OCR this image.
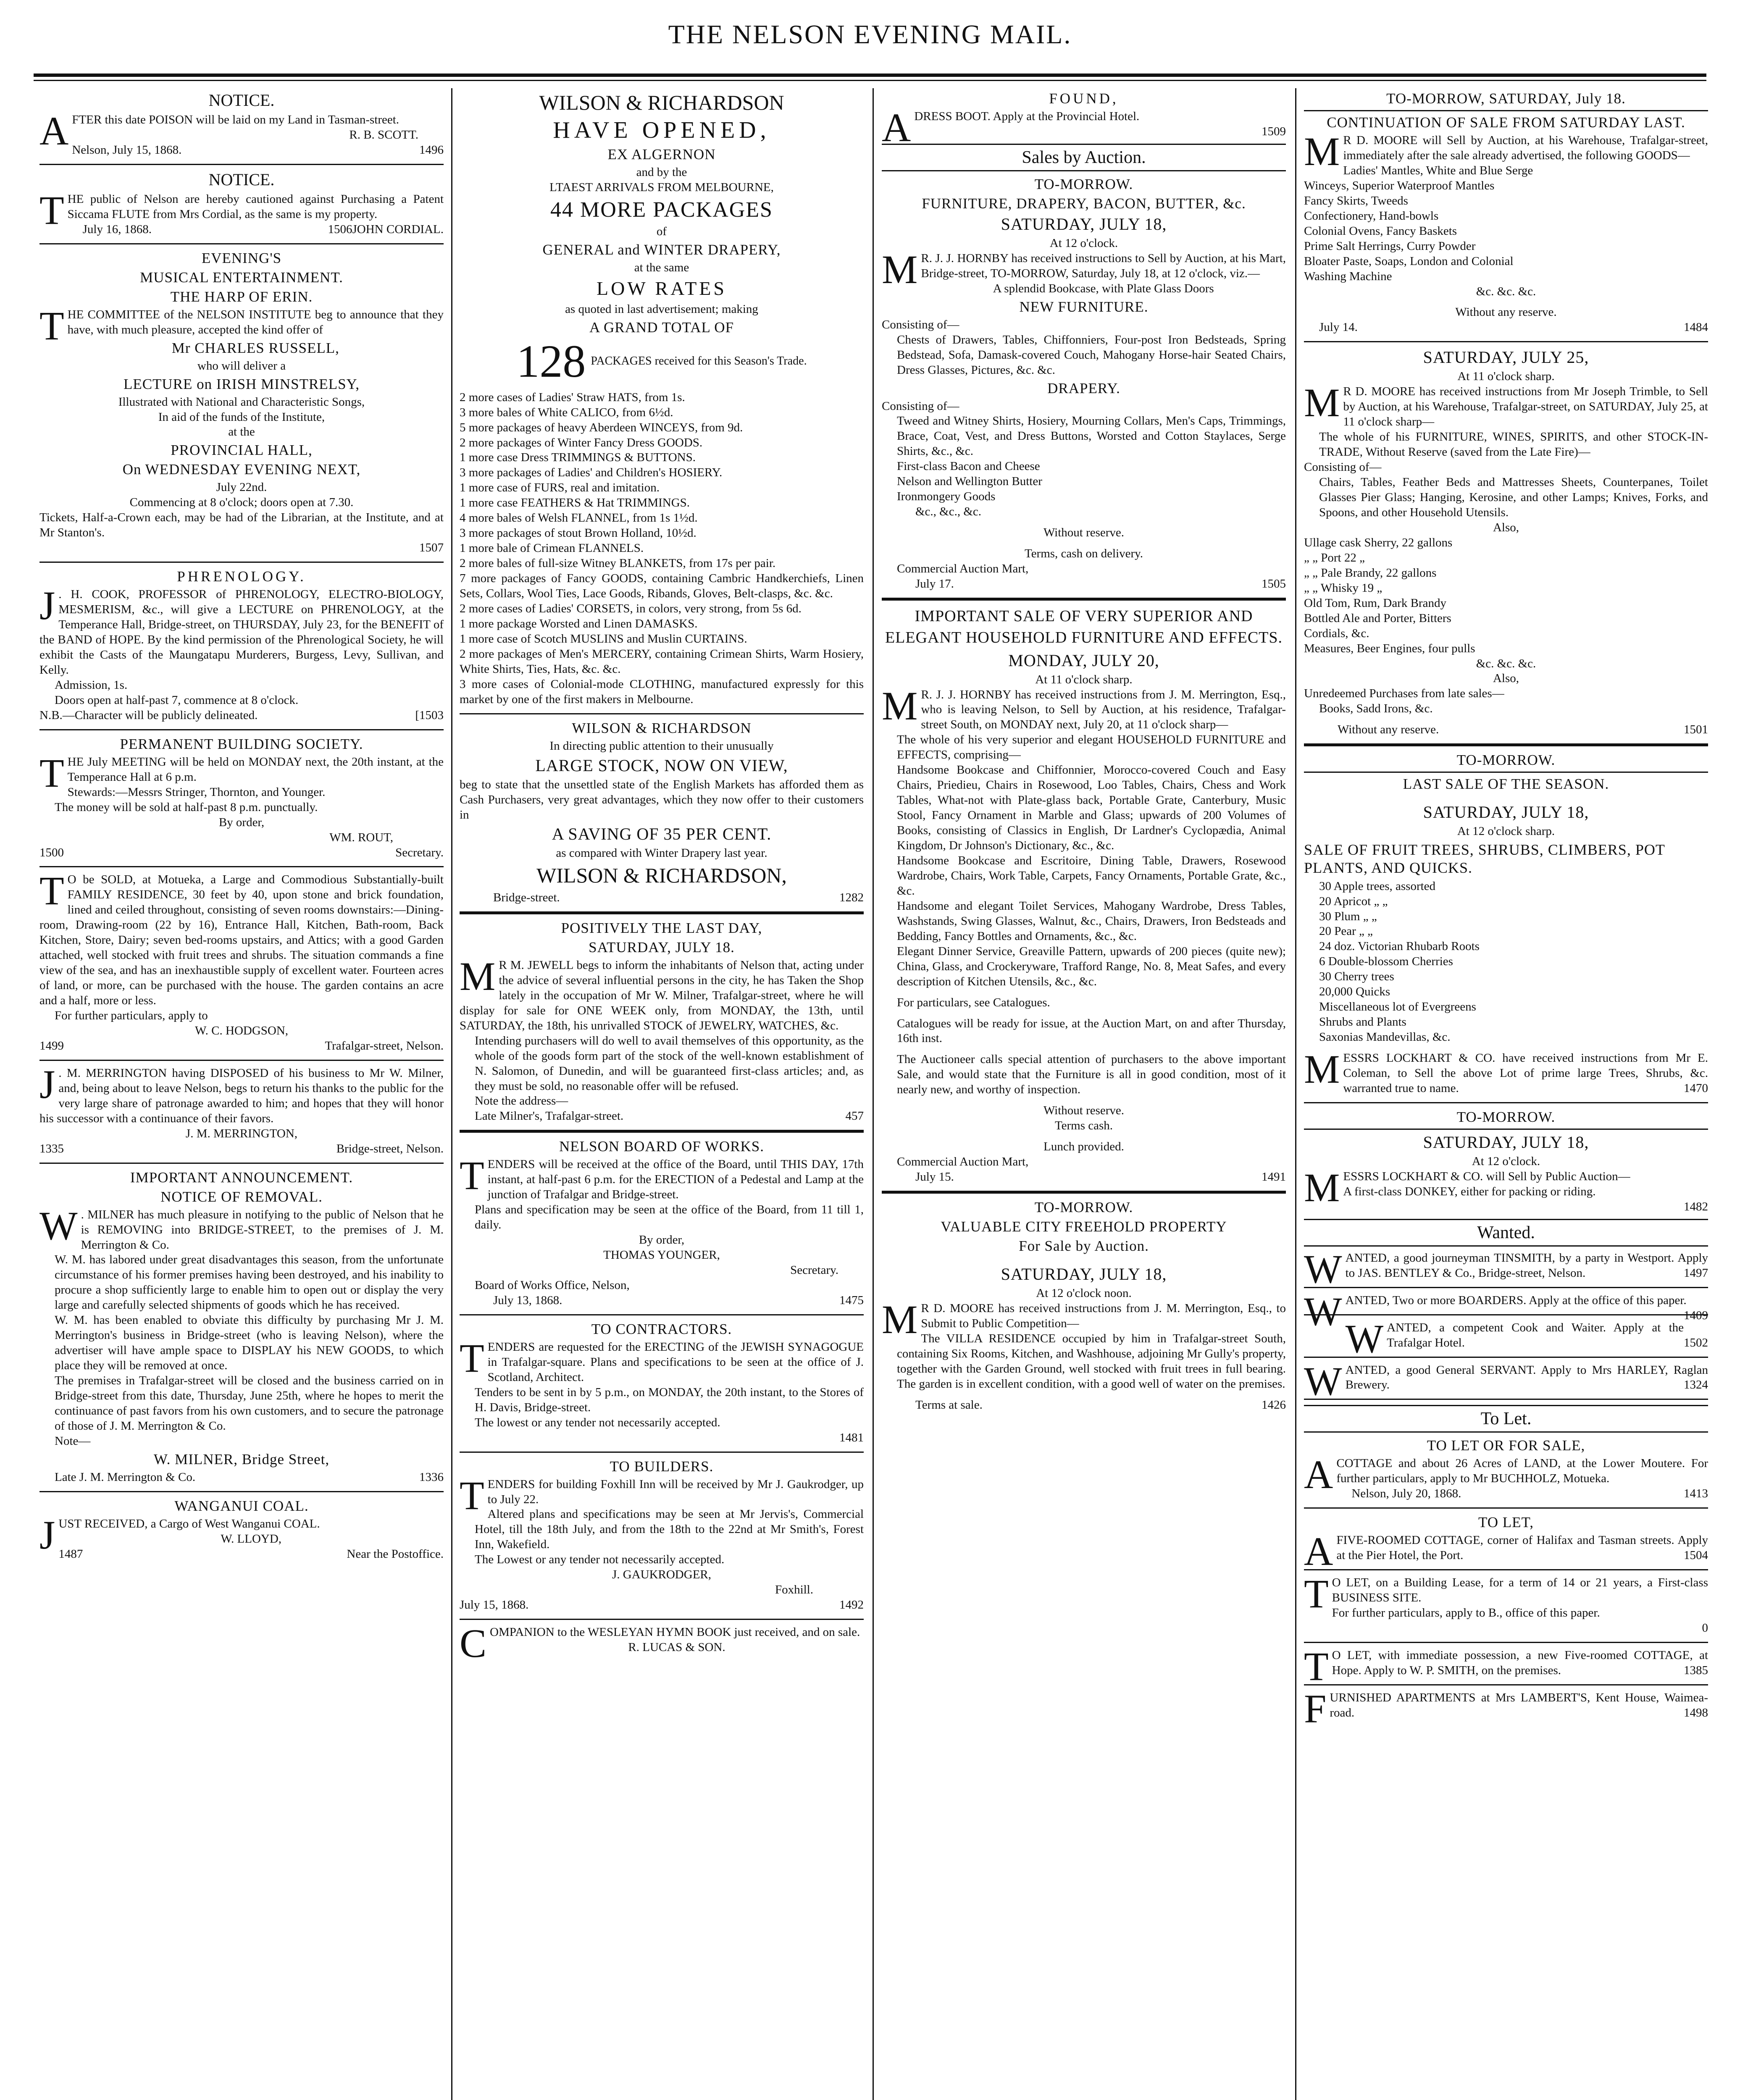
THE NELSON EVENING MAIL.

NOTICE.

AFTER this date POISON will be laid on my Land in Tasman-street.

R. B. SCOTT.

Nelson, July 15, 1868.	1496

NOTICE.

THE public of Nelson are hereby cautioned against Purchasing a Patent Siccama FLUTE from Mrs Cordial, as the same is my property.
JOHN CORDIAL.

July 16, 1868.	1506

EVENING'S

MUSICAL ENTERTAINMENT.

THE HARP OF ERIN.

THE COMMITTEE of the NELSON INSTITUTE beg to announce that they have, with much pleasure, accepted the kind offer of

Mr CHARLES RUSSELL,

who will deliver a

LECTURE on IRISH MINSTRELSY,

Illustrated with National and Characteristic Songs,

In aid of the funds of the Institute,

at the

PROVINCIAL HALL,

On WEDNESDAY EVENING NEXT,

July 22nd.

Commencing at 8 o'clock; doors open at 7.30.

Tickets, Half-a-Crown each, may be had of the Librarian, at the Institute, and at Mr Stanton's.

1507

PHRENOLOGY.

J . H. COOK, PROFESSOR of PHRENOLOGY, ELECTRO-BIOLOGY, MESMERISM, &c., will give a LECTURE on PHRENOLOGY, at the Temperance Hall, Bridge-street, on THURSDAY, July 23, for the BENEFIT of the BAND of HOPE. By the kind permission of the Phrenological Society, he will exhibit the Casts of the Maungatapu Murderers, Burgess, Levy, Sullivan, and Kelly.

Admission, 1s.

Doors open at half-past 7, commence at 8 o'clock.

N.B.—Character will be publicly delineated.	[1503

PERMANENT BUILDING SOCIETY.

THE July MEETING will be held on MONDAY next, the 20th instant, at the Temperance Hall at 6 p.m.

Stewards:—Messrs Stringer, Thornton, and Younger.

The money will be sold at half-past 8 p.m. punctually.

By order,

WM. ROUT,

1500	Secretary.

T O be SOLD, at Motueka, a Large and Commodious Substantially-built FAMILY RESIDENCE, 30 feet by 40, upon stone and brick foundation, lined and ceiled throughout, consisting of seven rooms downstairs:—Dining-room, Drawing-room (22 by 16), Entrance Hall, Kitchen, Bath-room, Back Kitchen, Store, Dairy; seven bed-rooms upstairs, and Attics; with a good Garden attached, well stocked with fruit trees and shrubs. The situation commands a fine view of the sea, and has an inexhaustible supply of excellent water. Fourteen acres of land, or more, can be purchased with the house. The garden contains an acre and a half, more or less.

For further particulars, apply to

W. C. HODGSON,

1499	Trafalgar-street, Nelson.

J . M. MERRINGTON having DISPOSED of his business to Mr W. Milner, and, being about to leave Nelson, begs to return his thanks to the public for the very large share of patronage awarded to him; and hopes that they will honor his successor with a continuance of their favors.

J. M. MERRINGTON,

1335	Bridge-street, Nelson.

IMPORTANT ANNOUNCEMENT.

NOTICE OF REMOVAL.

W . MILNER has much pleasure in notifying to the public of Nelson that he is REMOVING into BRIDGE-STREET, to the premises of J. M. Merrington & Co.

W. M. has labored under great disadvantages this season, from the unfortunate circumstance of his former premises having been destroyed, and his inability to procure a shop sufficiently large to enable him to open out or display the very large and carefully selected shipments of goods which he has received.

W. M. has been enabled to obviate this difficulty by purchasing Mr J. M. Merrington's business in Bridge-street (who is leaving Nelson), where the advertiser will have ample space to DISPLAY his NEW GOODS, to which place they will be removed at once.

The premises in Trafalgar-street will be closed and the business carried on in Bridge-street from this date, Thursday, June 25th, where he hopes to merit the continuance of past favors from his own customers, and to secure the patronage of those of J. M. Merrington & Co.

Note—

W. MILNER, Bridge Street,

Late J. M. Merrington & Co.	1336

WANGANUI COAL.

JUST RECEIVED, a Cargo of West Wanganui COAL.

W. LLOYD,

1487	Near the Postoffice.

WILSON & RICHARDSON

HAVE OPENED,

EX ALGERNON

and by the

LTAEST ARRIVALS FROM MELBOURNE,

44 MORE PACKAGES

of

GENERAL and WINTER DRAPERY,

at the same

LOW RATES

as quoted in last advertisement; making

A GRAND TOTAL OF

128 PACKAGES received for this Season's Trade.

2 more cases of Ladies' Straw HATS, from 1s.

3 more bales of White CALICO, from 6½d.

5 more packages of heavy Aberdeen WINCEYS, from 9d.

2 more packages of Winter Fancy Dress GOODS.

1 more case Dress TRIMMINGS & BUTTONS.

3 more packages of Ladies' and Children's HOSIERY.

1 more case of FURS, real and imitation.

1 more case FEATHERS & Hat TRIMMINGS.

4 more bales of Welsh FLANNEL, from 1s 1½d.

3 more packages of stout Brown Holland, 10½d.

1 more bale of Crimean FLANNELS.

2 more bales of full-size Witney BLANKETS, from 17s per pair.

7 more packages of Fancy GOODS, containing Cambric Handkerchiefs, Linen Sets, Collars, Wool Ties, Lace Goods, Ribands, Gloves, Belt-clasps, &c. &c.

2 more cases of Ladies' CORSETS, in colors, very strong, from 5s 6d.

1 more package Worsted and Linen DAMASKS.

1 more case of Scotch MUSLINS and Muslin CURTAINS.

2 more packages of Men's MERCERY, containing Crimean Shirts, Warm Hosiery, White Shirts, Ties, Hats, &c. &c.

3 more cases of Colonial-mode CLOTHING, manufactured expressly for this market by one of the first makers in Melbourne.

WILSON & RICHARDSON

In directing public attention to their unusually

LARGE STOCK, NOW ON VIEW,

beg to state that the unsettled state of the English Markets has afforded them as Cash Purchasers, very great advantages, which they now offer to their customers in

A SAVING OF 35 PER CENT.

as compared with Winter Drapery last year.

WILSON & RICHARDSON,

Bridge-street.	1282

POSITIVELY THE LAST DAY,

SATURDAY, JULY 18.

M R M. JEWELL begs to inform the inhabitants of Nelson that, acting under the advice of several influential persons in the city, he has Taken the Shop lately in the occupation of Mr W. Milner, Trafalgar-street, where he will display for sale for ONE WEEK only, from MONDAY, the 13th, until SATURDAY, the 18th, his unrivalled STOCK of JEWELRY, WATCHES, &c.

Intending purchasers will do well to avail themselves of this opportunity, as the whole of the goods form part of the stock of the well-known establishment of N. Salomon, of Dunedin, and will be guaranteed first-class articles; and, as they must be sold, no reasonable offer will be refused.

Note the address—

Late Milner's, Trafalgar-street.	457

NELSON BOARD OF WORKS.

TENDERS will be received at the office of the Board, until THIS DAY, 17th instant, at half-past 6 p.m. for the ERECTION of a Pedestal and Lamp at the junction of Trafalgar and Bridge-street.

Plans and specification may be seen at the office of the Board, from 11 till 1, daily.

By order,

THOMAS YOUNGER,

Secretary.

Board of Works Office, Nelson,

July 13, 1868.	1475

TO CONTRACTORS.

TENDERS are requested for the ERECTING of the JEWISH SYNAGOGUE in Trafalgar-square. Plans and specifications to be seen at the office of J. Scotland, Architect.

Tenders to be sent in by 5 p.m., on MONDAY, the 20th instant, to the Stores of H. Davis, Bridge-street.

The lowest or any tender not necessarily accepted.

1481

TO BUILDERS.

TENDERS for building Foxhill Inn will be received by Mr J. Gaukrodger, up to July 22.

Altered plans and specifications may be seen at Mr Jervis's, Commercial Hotel, till the 18th July, and from the 18th to the 22nd at Mr Smith's, Forest Inn, Wakefield.

The Lowest or any tender not necessarily accepted.

J. GAUKRODGER,

Foxhill.

July 15, 1868.	1492

COMPANION to the WESLEYAN HYMN BOOK just received, and on sale.

R. LUCAS & SON.

FOUND,

ADRESS BOOT. Apply at the Provincial Hotel.

1509

Sales by Auction.

TO-MORROW.

FURNITURE, DRAPERY, BACON, BUTTER, &c.

SATURDAY, JULY 18,

At 12 o'clock.

M R. J. J. HORNBY has received instructions to Sell by Auction, at his Mart, Bridge-street, TO-MORROW, Saturday, July 18, at 12 o'clock, viz.—

A splendid Bookcase, with Plate Glass Doors

NEW FURNITURE.

Consisting of—

Chests of Drawers, Tables, Chiffonniers, Four-post Iron Bedsteads, Spring Bedstead, Sofa, Damask-covered Couch, Mahogany Horse-hair Seated Chairs, Dress Glasses, Pictures, &c. &c.

DRAPERY.

Consisting of—

Tweed and Witney Shirts, Hosiery, Mourning Collars, Men's Caps, Trimmings, Brace, Coat, Vest, and Dress Buttons, Worsted and Cotton Staylaces, Serge Shirts, &c., &c.

First-class Bacon and Cheese

Nelson and Wellington Butter

Ironmongery Goods

&c., &c., &c.

Without reserve.

Terms, cash on delivery.

Commercial Auction Mart,

July 17.	1505

IMPORTANT SALE OF VERY SUPERIOR AND ELEGANT HOUSEHOLD FURNITURE AND EFFECTS.

MONDAY, JULY 20,

At 11 o'clock sharp.

M R. J. J. HORNBY has received instructions from J. M. Merrington, Esq., who is leaving Nelson, to Sell by Auction, at his residence, Trafalgar-street South, on MONDAY next, July 20, at 11 o'clock sharp—

The whole of his very superior and elegant HOUSEHOLD FURNITURE and EFFECTS, comprising—

Handsome Bookcase and Chiffonnier, Morocco-covered Couch and Easy Chairs, Priedieu, Chairs in Rosewood, Loo Tables, Chairs, Chess and Work Tables, What-not with Plate-glass back, Portable Grate, Canterbury, Music Stool, Fancy Ornament in Marble and Glass; upwards of 200 Volumes of Books, consisting of Classics in English, Dr Lardner's Cyclopædia, Animal Kingdom, Dr Johnson's Dictionary, &c., &c.

Handsome Bookcase and Escritoire, Dining Table, Drawers, Rosewood Wardrobe, Chairs, Work Table, Carpets, Fancy Ornaments, Portable Grate, &c., &c.

Handsome and elegant Toilet Services, Mahogany Wardrobe, Dress Tables, Washstands, Swing Glasses, Walnut, &c., Chairs, Drawers, Iron Bedsteads and Bedding, Fancy Bottles and Ornaments, &c., &c.

Elegant Dinner Service, Greaville Pattern, upwards of 200 pieces (quite new); China, Glass, and Crockeryware, Trafford Range, No. 8, Meat Safes, and every description of Kitchen Utensils, &c., &c.

For particulars, see Catalogues.

Catalogues will be ready for issue, at the Auction Mart, on and after Thursday, 16th inst.

The Auctioneer calls special attention of purchasers to the above important Sale, and would state that the Furniture is all in good condition, most of it nearly new, and worthy of inspection.

Without reserve.

Terms cash.

Lunch provided.

Commercial Auction Mart,

July 15.	1491

TO-MORROW.

VALUABLE CITY FREEHOLD PROPERTY

For Sale by Auction.

SATURDAY, JULY 18,

At 12 o'clock noon.

M R D. MOORE has received instructions from J. M. Merrington, Esq., to Submit to Public Competition—

The VILLA RESIDENCE occupied by him in Trafalgar-street South, containing Six Rooms, Kitchen, and Washhouse, adjoining Mr Gully's property, together with the Garden Ground, well stocked with fruit trees in full bearing. The garden is in excellent condition, with a good well of water on the premises.

Terms at sale.	1426

TO-MORROW, SATURDAY, July 18.

CONTINUATION OF SALE FROM SATURDAY LAST.

M R D. MOORE will Sell by Auction, at his Warehouse, Trafalgar-street, immediately after the sale already advertised, the following GOODS—

Ladies' Mantles, White and Blue Serge

Winceys, Superior Waterproof Mantles

Fancy Skirts, Tweeds

Confectionery, Hand-bowls

Colonial Ovens, Fancy Baskets

Prime Salt Herrings, Curry Powder

Bloater Paste, Soaps, London and Colonial

Washing Machine

&c. &c. &c.

Without any reserve.

July 14.	1484

SATURDAY, JULY 25,

At 11 o'clock sharp.

M R D. MOORE has received instructions from Mr Joseph Trimble, to Sell by Auction, at his Warehouse, Trafalgar-street, on SATURDAY, July 25, at 11 o'clock sharp—

The whole of his FURNITURE, WINES, SPIRITS, and other STOCK-IN-TRADE, Without Reserve (saved from the Late Fire)—

Consisting of—

Chairs, Tables, Feather Beds and Mattresses Sheets, Counterpanes, Toilet Glasses Pier Glass; Hanging, Kerosine, and other Lamps; Knives, Forks, and Spoons, and other Household Utensils.

Also,

Ullage cask Sherry, 22 gallons

„ „ Port 22 „

„ „ Pale Brandy, 22 gallons

„ „ Whisky 19 „

Old Tom, Rum, Dark Brandy

Bottled Ale and Porter, Bitters

Cordials, &c.

Measures, Beer Engines, four pulls

&c. &c. &c.

Also,

Unredeemed Purchases from late sales—

Books, Sadd Irons, &c.

Without any reserve.	1501

TO-MORROW.

LAST SALE OF THE SEASON.

SATURDAY, JULY 18,

At 12 o'clock sharp.

SALE OF FRUIT TREES, SHRUBS, CLIMBERS, POT PLANTS, AND QUICKS.

30 Apple trees, assorted

20 Apricot „ „

30 Plum „ „

20 Pear „ „

24 doz. Victorian Rhubarb Roots

6 Double-blossom Cherries

30 Cherry trees

20,000 Quicks

Miscellaneous lot of Evergreens

Shrubs and Plants

Saxonias Mandevillas, &c.

MESSRS LOCKHART & CO. have received instructions from Mr E. Coleman, to Sell the above Lot of prime large Trees, Shrubs, &c. warranted true to name.	1470

TO-MORROW.

SATURDAY, JULY 18,

At 12 o'clock.

MESSRS LOCKHART & CO. will Sell by Public Auction—

A first-class DONKEY, either for packing or riding.

1482

Wanted.

WANTED, a good journeyman TINSMITH, by a party in Westport. Apply to JAS. BENTLEY & Co., Bridge-street, Nelson.	1497

WANTED, Two or more BOARDERS. Apply at the office of this paper.
1409

WANTED, a competent Cook and Waiter. Apply at the Trafalgar Hotel.	1502

WANTED, a good General SERVANT. Apply to Mrs HARLEY, Raglan Brewery.	1324

To Let.

TO LET OR FOR SALE,

ACOTTAGE and about 26 Acres of LAND, at the Lower Moutere. For further particulars, apply to Mr BUCHHOLZ, Motueka.

Nelson, July 20, 1868.	1413

TO LET,

AFIVE-ROOMED COTTAGE, corner of Halifax and Tasman streets. Apply at the Pier Hotel, the Port.	1504

T O LET, on a Building Lease, for a term of 14 or 21 years, a First-class BUSINESS SITE.

For further particulars, apply to B., office of this paper.

0

T O LET, with immediate possession, a new Five-roomed COTTAGE, at Hope. Apply to W. P. SMITH, on the premises.	1385

FURNISHED APARTMENTS at Mrs LAMBERT'S, Kent House, Waimea-road.	1498
